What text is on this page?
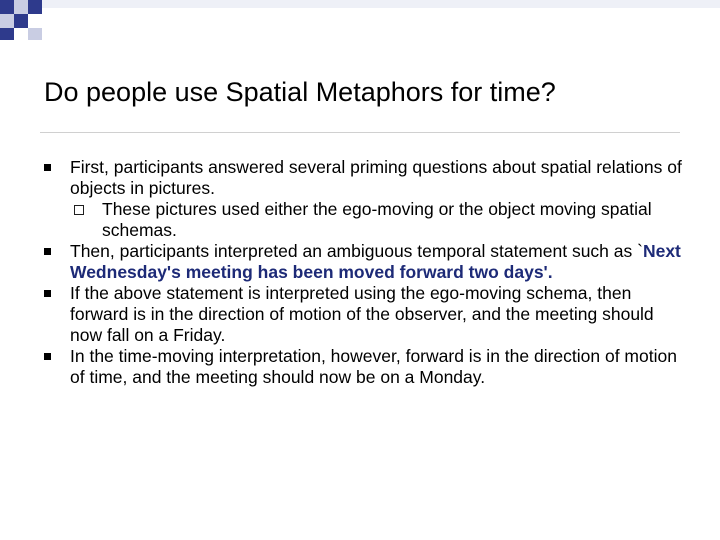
Do people use Spatial Metaphors for time?

First, participants answered several priming questions about spatial relations of objects in pictures.

These pictures used either the ego-moving or the object moving spatial schemas.

Then, participants interpreted an ambiguous temporal statement such as `Next Wednesday's meeting has been moved forward two days'.

If the above statement is interpreted using the ego-moving schema, then forward is in the direction of motion of the observer, and the meeting should now fall on a Friday.

In the time-moving interpretation, however, forward is in the direction of motion of time, and the meeting should now be on a Monday.
